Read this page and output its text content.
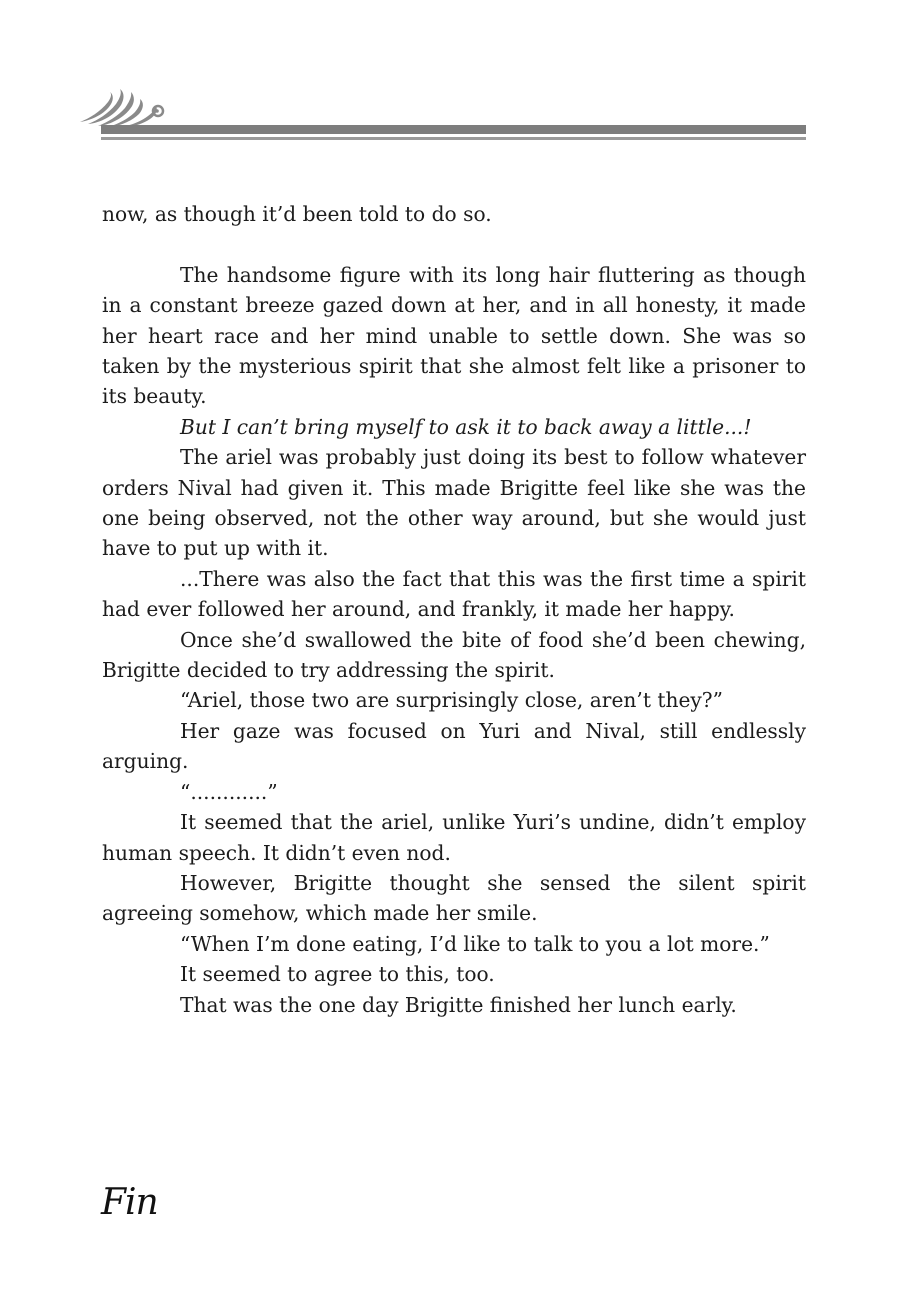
now, as though it’d been told to do so.

The handsome figure with its long hair fluttering as though in a constant breeze gazed down at her, and in all honesty, it made her heart race and her mind unable to settle down. She was so taken by the mysterious spirit that she almost felt like a prisoner to its beauty.

But I can’t bring myself to ask it to back away a little...!

The ariel was probably just doing its best to follow whatever orders Nival had given it. This made Brigitte feel like she was the one being observed, not the other way around, but she would just have to put up with it.

...There was also the fact that this was the first time a spirit had ever followed her around, and frankly, it made her happy.

Once she’d swallowed the bite of food she’d been chewing, Brigitte decided to try addressing the spirit.

“Ariel, those two are surprisingly close, aren’t they?”

Her gaze was focused on Yuri and Nival, still endlessly arguing.

“............”

It seemed that the ariel, unlike Yuri’s undine, didn’t employ human speech. It didn’t even nod.

However, Brigitte thought she sensed the silent spirit agreeing somehow, which made her smile.

“When I’m done eating, I’d like to talk to you a lot more.”

It seemed to agree to this, too.

That was the one day Brigitte finished her lunch early.

Fin
